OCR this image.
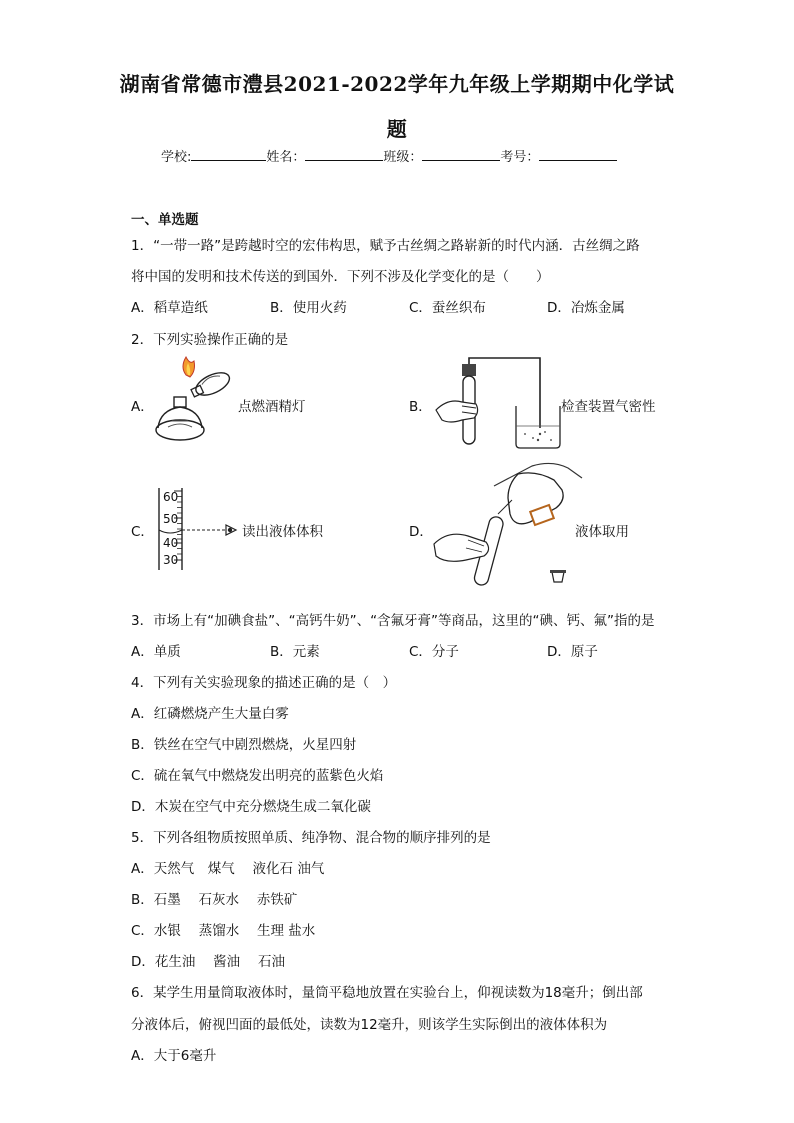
湖南省常德市澧县2021-2022学年九年级上学期期中化学试
题
学校:	姓名：	班级：	考号：
一、单选题
1．“一带一路”是跨越时空的宏伟构思，赋予古丝绸之路崭新的时代内涵．古丝绸之路
将中国的发明和技术传送的到国外．下列不涉及化学变化的是（　　）
A．稻草造纸	B．使用火药	C．蚕丝织布	D．冶炼金属
2．下列实验操作正确的是
A．	点燃酒精灯	B．	检查装置气密性
C．
60
50
40
30
读出液体体积	D．	液体取用
3．市场上有“加碘食盐”、“高钙牛奶”、“含氟牙膏”等商品，这里的“碘、钙、氟”指的是
A．单质	B．元素	C．分子	D．原子
4．下列有关实验现象的描述正确的是（　）
A．红磷燃烧产生大量白雾
B．铁丝在空气中剧烈燃烧，火星四射
C．硫在氧气中燃烧发出明亮的蓝紫色火焰
D．木炭在空气中充分燃烧生成二氧化碳
5．下列各组物质按照单质、纯净物、混合物的顺序排列的是
A．天然气　煤气　 液化石 油气
B．石墨　 石灰水　 赤铁矿
C．水银　 蒸馏水　 生理 盐水
D．花生油　 酱油　 石油
6．某学生用量筒取液体时，量筒平稳地放置在实验台上，仰视读数为18毫升；倒出部
分液体后，俯视凹面的最低处，读数为12毫升，则该学生实际倒出的液体体积为
A．大于6毫升
